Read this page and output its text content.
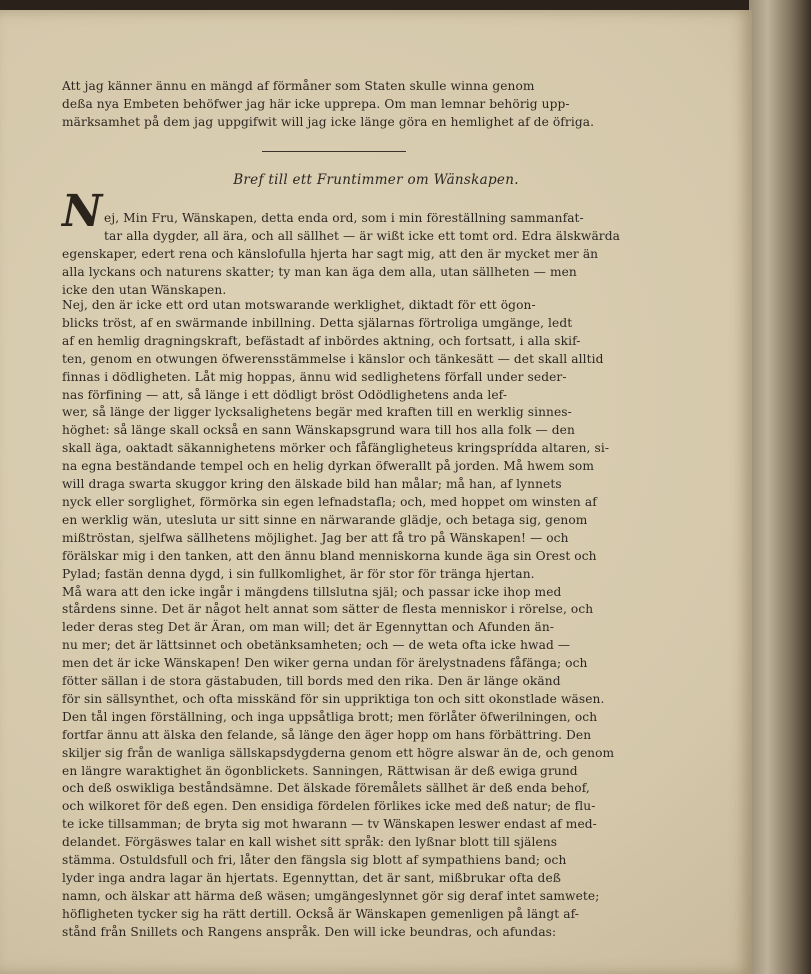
Att jag känner ännu en mängd af förmåner som Staten skulle winna genom
deßa nya Embeten behöfwer jag här icke upprepa. Om man lemnar behörig upp-
märksamhet på dem jag uppgifwit will jag icke länge göra en hemlighet af de öfriga.
Bref till ett Fruntimmer om Wänskapen.
N ej, Min Fru, Wänskapen, detta enda ord, som i min föreställning sammanfat-
tar alla dygder, all ära, och all sällhet — är wißt icke ett tomt ord. Edra älskwärda
egenskaper, edert rena och känslofulla hjerta har sagt mig, att den är mycket mer än
alla lyckans och naturens skatter; ty man kan äga dem alla, utan sällheten — men
icke den utan Wänskapen.
Nej, den är icke ett ord utan motswarande werklighet, diktadt för ett ögon-
blicks tröst, af en swärmande inbillning. Detta själarnas förtroliga umgänge, ledt
af en hemlig dragningskraft, befästadt af inbördes aktning, och fortsatt, i alla skif-
ten, genom en otwungen öfwerensstämmelse i känslor och tänkesätt — det skall alltid
finnas i dödligheten. Låt mig hoppas, ännu wid sedlighetens förfall under seder-
nas förfining — att, så länge i ett dödligt bröst Odödlighetens anda lef-
wer, så länge der ligger lycksalighetens begär med kraften till en werklig sinnes-
höghet: så länge skall också en sann Wänskapsgrund wara till hos alla folk — den
skall äga, oaktadt säkannighetens mörker och fåfängligheteus kringsprídda altaren, si-
na egna beständande tempel och en helig dyrkan öfwerallt på jorden. Må hwem som
will draga swarta skuggor kring den älskade bild han målar; må han, af lynnets
nyck eller sorglighet, förmörka sin egen lefnadstafla; och, med hoppet om winsten af
en werklig wän, utesluta ur sitt sinne en närwarande glädje, och betaga sig, genom
mißtröstan, sjelfwa sällhetens möjlighet. Jag ber att få tro på Wänskapen! — och
förälskar mig i den tanken, att den ännu bland menniskorna kunde äga sin Orest och
Pylad; fastän denna dygd, i sin fullkomlighet, är för stor för tränga hjertan.
Må wara att den icke ingår i mängdens tillslutna själ; och passar icke ihop med
stårdens sinne. Det är något helt annat som sätter de flesta menniskor i rörelse, och
leder deras steg Det är Äran, om man will; det är Egennyttan och Afunden än-
nu mer; det är lättsinnet och obetänksamheten; och — de weta ofta icke hwad —
men det är icke Wänskapen! Den wiker gerna undan för ärelystnadens fåfänga; och
fötter sällan i de stora gästabuden, till bords med den rika. Den är länge okänd
för sin sällsynthet, och ofta misskänd för sin uppriktiga ton och sitt okonstlade wäsen.
Den tål ingen förställning, och inga uppsåtliga brott; men förlåter öfwerilningen, och
fortfar ännu att älska den felande, så länge den äger hopp om hans förbättring. Den
skiljer sig från de wanliga sällskapsdygderna genom ett högre alswar än de, och genom
en längre waraktighet än ögonblickets. Sanningen, Rättwisan är deß ewiga grund
och deß oswikliga beståndsämne. Det älskade föremålets sällhet är deß enda behof,
och wilkoret för deß egen. Den ensidiga fördelen förlikes icke med deß natur; de flu-
te icke tillsamman; de bryta sig mot hwarann — tv Wänskapen leswer endast af med-
delandet. Förgäswes talar en kall wishet sitt språk: den lyßnar blott till själens
stämma. Ostuldsfull och fri, låter den fängsla sig blott af sympathiens band; och
lyder inga andra lagar än hjertats. Egennyttan, det är sant, mißbrukar ofta deß
namn, och älskar att härma deß wäsen; umgängeslynnet gör sig deraf intet samwete;
höfligheten tycker sig ha rätt dertill. Också är Wänskapen gemenligen på längt af-
stånd från Snillets och Rangens anspråk. Den will icke beundras, och afundas:
